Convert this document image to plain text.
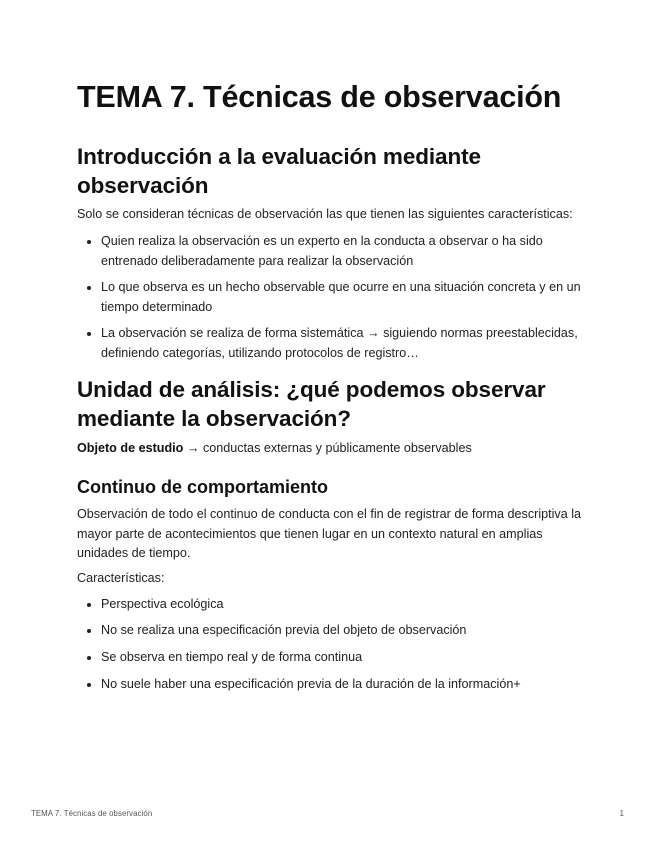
TEMA 7. Técnicas de observación
Introducción a la evaluación mediante observación

Solo se consideran técnicas de observación las que tienen las siguientes características:

Quien realiza la observación es un experto en la conducta a observar o ha sido entrenado deliberadamente para realizar la observación
Lo que observa es un hecho observable que ocurre en una situación concreta y en un tiempo determinado
La observación se realiza de forma sistemática → siguiendo normas preestablecidas, definiendo categorías, utilizando protocolos de registro…
Unidad de análisis: ¿qué podemos observar mediante la observación?

Objeto de estudio → conductas externas y públicamente observables

Continuo de comportamiento

Observación de todo el continuo de conducta con el fin de registrar de forma descriptiva la mayor parte de acontecimientos que tienen lugar en un contexto natural en amplias unidades de tiempo.

Características:

Perspectiva ecológica
No se realiza una especificación previa del objeto de observación
Se observa en tiempo real y de forma continua
No suele haber una especificación previa de la duración de la información+
TEMA 7. Técnicas de observación	1
